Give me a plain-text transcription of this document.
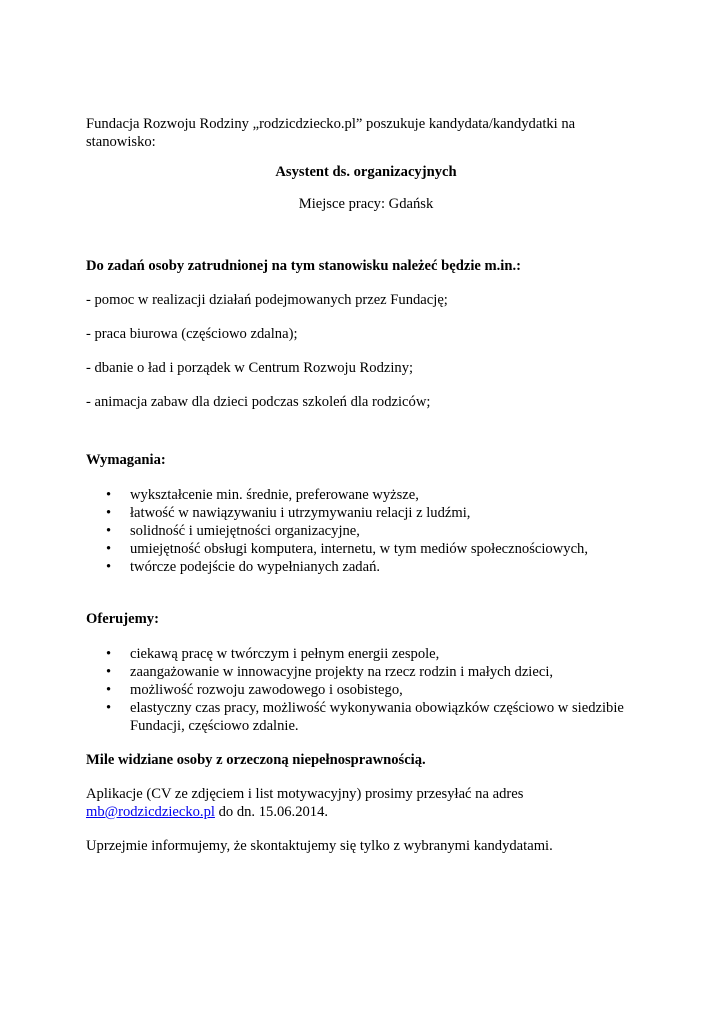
Fundacja Rozwoju Rodziny „rodzicdziecko.pl” poszukuje kandydata/kandydatki na stanowisko:

Asystent ds. organizacyjnych

Miejsce pracy: Gdańsk

Do zadań osoby zatrudnionej na tym stanowisku należeć będzie m.in.:

- pomoc w realizacji działań podejmowanych przez Fundację;

- praca biurowa (częściowo zdalna);

- dbanie o ład i porządek w Centrum Rozwoju Rodziny;

- animacja zabaw dla dzieci podczas szkoleń dla rodziców;

Wymagania:

• wykształcenie min. średnie, preferowane wyższe,
• łatwość w nawiązywaniu i utrzymywaniu relacji z ludźmi,
• solidność i umiejętności organizacyjne,
• umiejętność obsługi komputera, internetu, w tym mediów społecznościowych,
• twórcze podejście do wypełnianych zadań.

Oferujemy:

• ciekawą pracę w twórczym i pełnym energii zespole,
• zaangażowanie w innowacyjne projekty na rzecz rodzin i małych dzieci,
• możliwość rozwoju zawodowego i osobistego,
• elastyczny czas pracy, możliwość wykonywania obowiązków częściowo w siedzibie Fundacji, częściowo zdalnie.

Mile widziane osoby z orzeczoną niepełnosprawnością.

Aplikacje (CV ze zdjęciem i list motywacyjny) prosimy przesyłać na adres mb@rodzicdziecko.pl do dn. 15.06.2014.

Uprzejmie informujemy, że skontaktujemy się tylko z wybranymi kandydatami.
